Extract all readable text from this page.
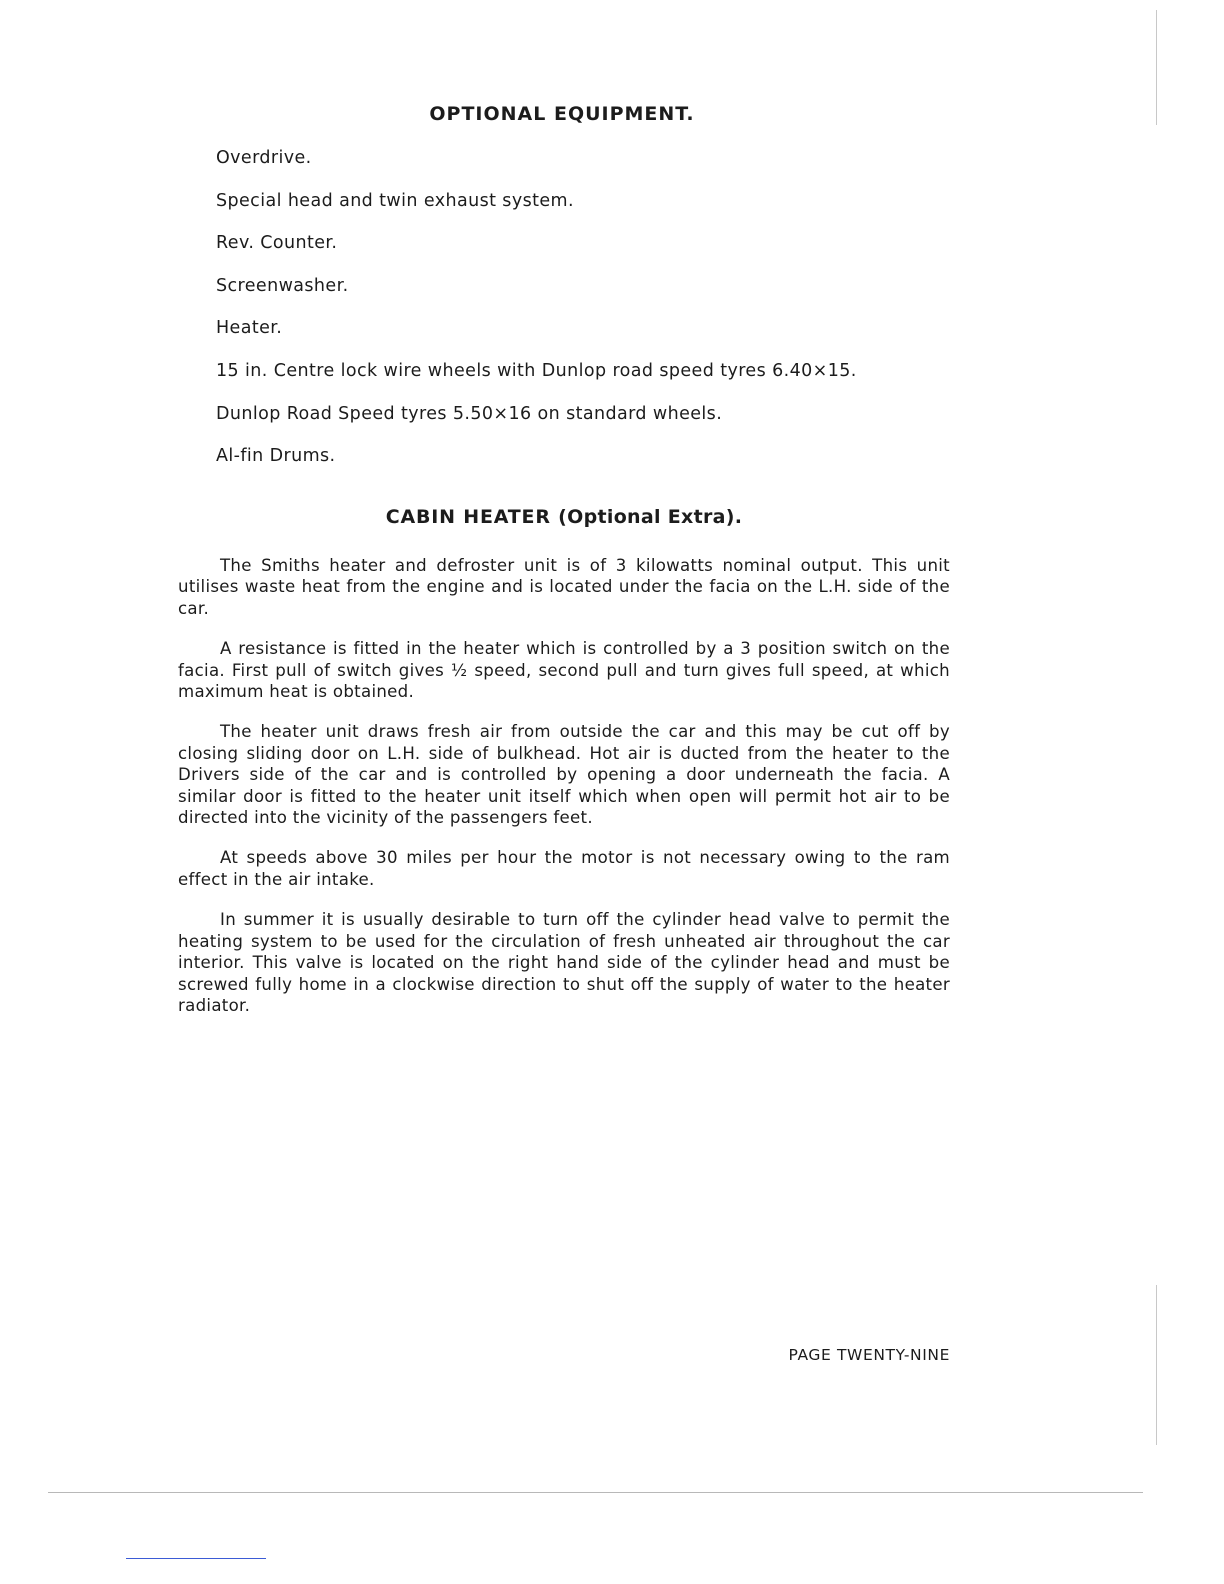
OPTIONAL EQUIPMENT.
Overdrive.
Special head and twin exhaust system.
Rev. Counter.
Screenwasher.
Heater.
15 in. Centre lock wire wheels with Dunlop road speed tyres 6.40×15.
Dunlop Road Speed tyres 5.50×16 on standard wheels.
Al-fin Drums.
CABIN HEATER (Optional Extra).

The Smiths heater and defroster unit is of 3 kilowatts nominal output. This unit utilises waste heat from the engine and is located under the facia on the L.H. side of the car.

A resistance is fitted in the heater which is controlled by a 3 position switch on the facia. First pull of switch gives ½ speed, second pull and turn gives full speed, at which maximum heat is obtained.

The heater unit draws fresh air from outside the car and this may be cut off by closing sliding door on L.H. side of bulkhead. Hot air is ducted from the heater to the Drivers side of the car and is controlled by opening a door underneath the facia. A similar door is fitted to the heater unit itself which when open will permit hot air to be directed into the vicinity of the passengers feet.

At speeds above 30 miles per hour the motor is not necessary owing to the ram effect in the air intake.

In summer it is usually desirable to turn off the cylinder head valve to permit the heating system to be used for the circulation of fresh unheated air throughout the car interior. This valve is located on the right hand side of the cylinder head and must be screwed fully home in a clockwise direction to shut off the supply of water to the heater radiator.

PAGE TWENTY-NINE
